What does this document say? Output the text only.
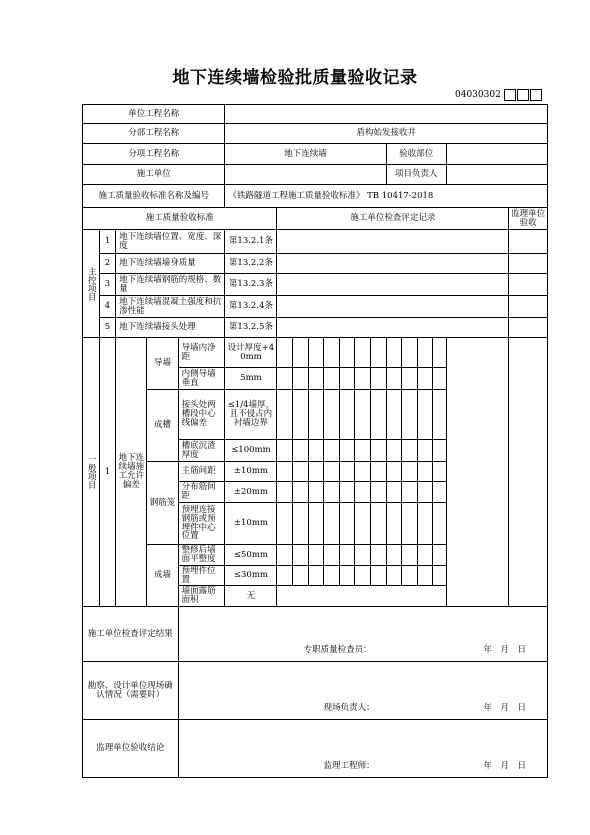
地下连续墙检验批质量验收记录
04030302
单位工程名称																		
分部工程名称					盾构始发接收井													
分项工程名称					地下连续墙								验收部位					
施工单位													项目负责人					
施工质量验收标准名称及编号					《铁路隧道工程施工质量验收标准》 TB 10417-2018													
施工质量验收标准						施工单位检查评定记录												监理单位验收
主控项目	1	地下连续墙位置、宽度、深度			第13.2.1条													
	2	地下连续墙墙身质量			第13.2.2条													
	3	地下连续墙钢筋的规格、数量			第13.2.3条													
	4	地下连续墙混凝土强度和抗渗性能			第13.2.4条													
	5	地下连续墙接头处理			第13.2.5条													
一般项目	1	地下连续墙施工允许偏差	导墙	导墙内净距	设计厚度+40mm													
				内侧导墙垂直	5mm													
			成槽	接头处两槽段中心线偏差	≤1/4墙厚，且不侵占内衬墙边界													
				槽底沉渣厚度	≤100mm													
			钢筋笼	主筋间距	±10mm													
				分布筋间距	±20mm													
				预埋连接钢筋或预埋件中心位置	±10mm													
			成墙	整修后墙面平整度	≤50mm													
				预埋件位置	≤30mm													
				墙面露筋面积	无													
施工单位检查评定结果				专职质量检查员： 年　月　日														

勘察、设计单位现场确认情况（需要时）				现场负责人： 年　月　日														

监理单位验收结论				监理工程师： 年　月　日														
